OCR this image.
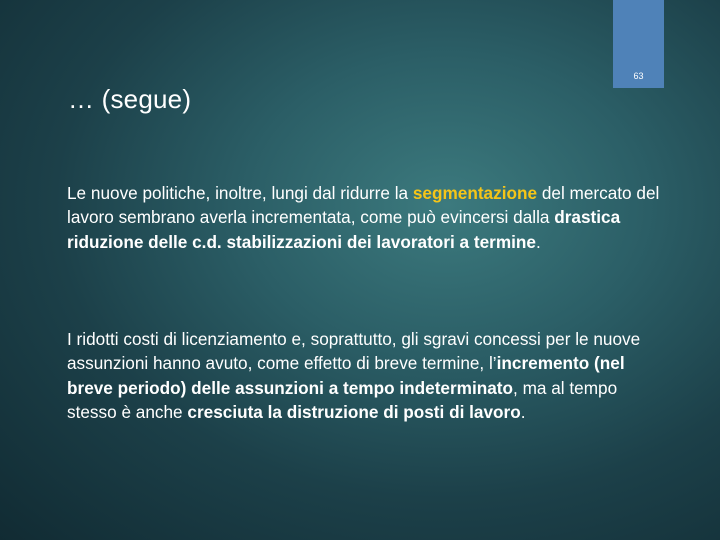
63
… (segue)

Le nuove politiche, inoltre, lungi dal ridurre la segmentazione del mercato del lavoro sembrano averla incrementata, come può evincersi dalla drastica riduzione delle c.d. stabilizzazioni dei lavoratori a termine.

I ridotti costi di licenziamento e, soprattutto, gli sgravi concessi per le nuove assunzioni hanno avuto, come effetto di breve termine, l’incremento (nel breve periodo) delle assunzioni a tempo indeterminato, ma al tempo stesso è anche cresciuta la distruzione di posti di lavoro.
